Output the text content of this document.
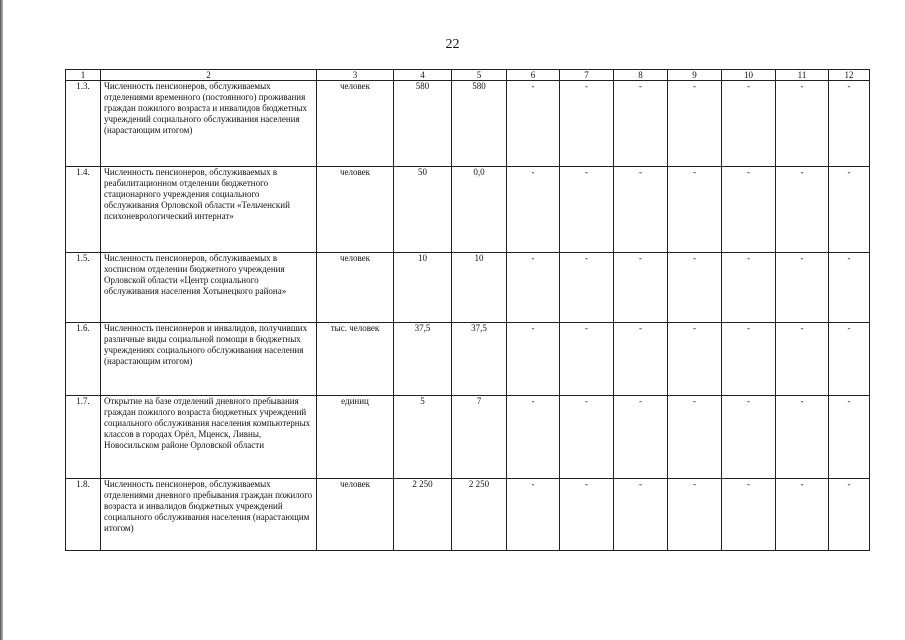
22
1	2	3	4	5	6	7	8	9	10	11	12
1.3.	Численность пенсионеров, обслуживаемых отделениями временного (постоянного) проживания граждан пожилого возраста и инвалидов бюджетных учреждений социального обслуживания населения (нарастающим итогом)	человек	580	580	-	-	-	-	-	-	-
1.4.	Численность пенсионеров, обслуживаемых в реабилитационном отделении бюджетного стационарного учреждения социального обслуживания Орловской области «Тельченский психоневрологический интернат»	человек	50	0,0	-	-	-	-	-	-	-
1.5.	Численность пенсионеров, обслуживаемых в хосписном отделении бюджетного учреждения Орловской области «Центр социального обслуживания населения Хотынецкого района»	человек	10	10	-	-	-	-	-	-	-
1.6.	Численность пенсионеров и инвалидов, получивших различные виды социальной помощи в бюджетных учреждениях социального обслуживания населения (нарастающим итогом)	тыс. человек	37,5	37,5	-	-	-	-	-	-	-
1.7.	Открытие на базе отделений дневного пребывания граждан пожилого возраста бюджетных учреждений социального обслуживания населения компьютерных классов в городах Орёл, Мценск, Ливны, Новосильском районе Орловской области	единиц	5	7	-	-	-	-	-	-	-
1.8.	Численность пенсионеров, обслуживаемых отделениями дневного пребывания граждан пожилого возраста и инвалидов бюджетных учреждений социального обслуживания населения (нарастающим итогом)	человек	2 250	2 250	-	-	-	-	-	-	-
